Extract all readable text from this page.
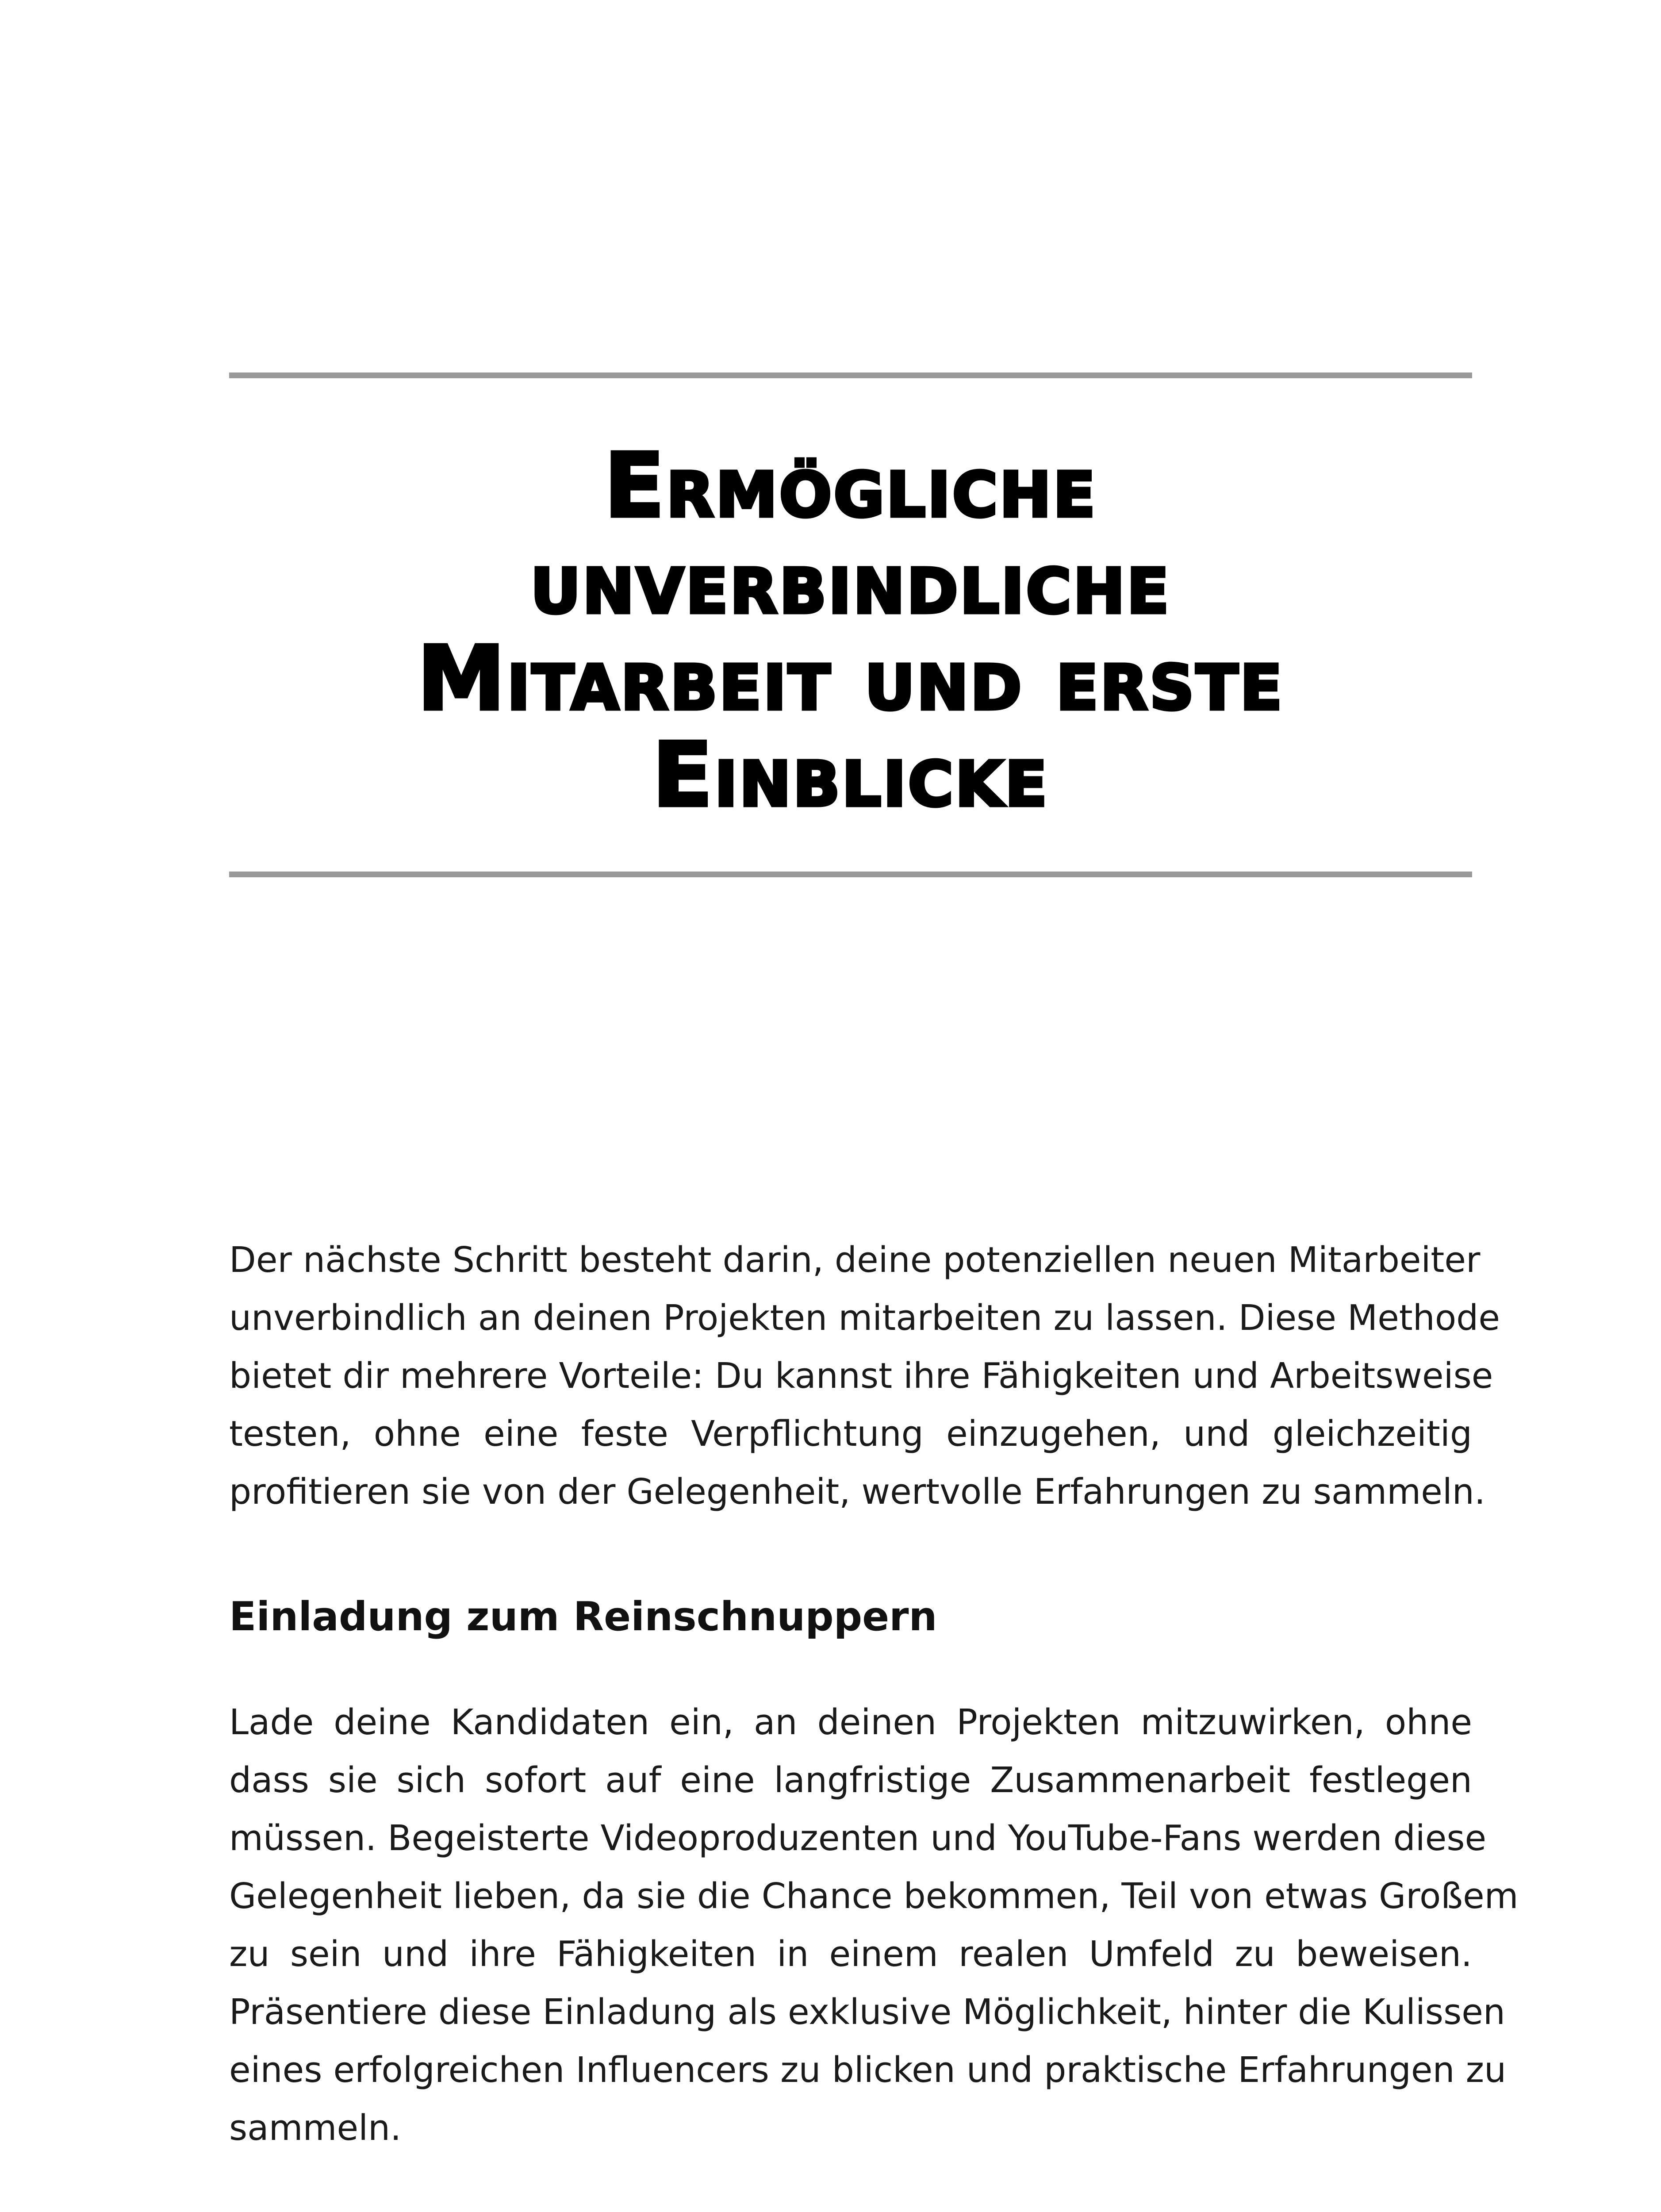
Ermögliche
unverbindliche
Mitarbeit und erste
Einblicke

Der nächste Schritt besteht darin, deine potenziellen neuen Mitarbeiter
unverbindlich an deinen Projekten mitarbeiten zu lassen. Diese Methode
bietet dir mehrere Vorteile: Du kannst ihre Fähigkeiten und Arbeitsweise
testen, ohne eine feste Verpflichtung einzugehen, und gleichzeitig
profitieren sie von der Gelegenheit, wertvolle Erfahrungen zu sammeln.

Einladung zum Reinschnuppern

Lade deine Kandidaten ein, an deinen Projekten mitzuwirken, ohne
dass sie sich sofort auf eine langfristige Zusammenarbeit festlegen
müssen. Begeisterte Videoproduzenten und YouTube-Fans werden diese
Gelegenheit lieben, da sie die Chance bekommen, Teil von etwas Großem
zu sein und ihre Fähigkeiten in einem realen Umfeld zu beweisen.
Präsentiere diese Einladung als exklusive Möglichkeit, hinter die Kulissen
eines erfolgreichen Influencers zu blicken und praktische Erfahrungen zu
sammeln.
